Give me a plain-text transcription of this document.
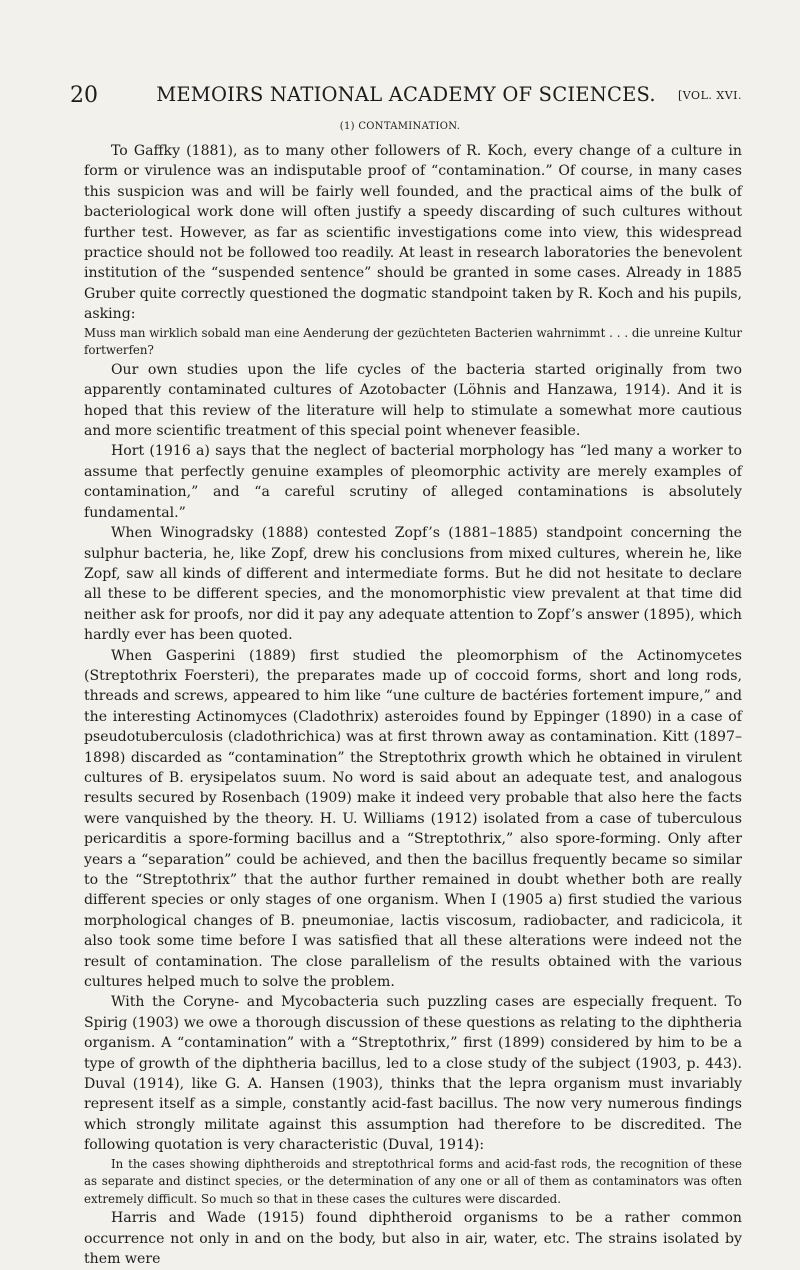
20	MEMOIRS NATIONAL ACADEMY OF SCIENCES.	[VOL. XVI.
(1) CONTAMINATION.

To Gaffky (1881), as to many other followers of R. Koch, every change of a culture in form or virulence was an indisputable proof of “contamination.” Of course, in many cases this suspicion was and will be fairly well founded, and the practical aims of the bulk of bacteriological work done will often justify a speedy discarding of such cultures without further test. However, as far as scientific investigations come into view, this widespread practice should not be followed too readily. At least in research laboratories the benevolent institution of the “suspended sentence” should be granted in some cases. Already in 1885 Gruber quite correctly questioned the dogmatic standpoint taken by R. Koch and his pupils, asking:

Muss man wirklich sobald man eine Aenderung der gezüchteten Bacterien wahrnimmt . . . die unreine Kultur fortwerfen?

Our own studies upon the life cycles of the bacteria started originally from two apparently contaminated cultures of Azotobacter (Löhnis and Hanzawa, 1914). And it is hoped that this review of the literature will help to stimulate a somewhat more cautious and more scientific treatment of this special point whenever feasible.

Hort (1916 a) says that the neglect of bacterial morphology has “led many a worker to assume that perfectly genuine examples of pleomorphic activity are merely examples of contamination,” and “a careful scrutiny of alleged contaminations is absolutely fundamental.”

When Winogradsky (1888) contested Zopf’s (1881–1885) standpoint concerning the sulphur bacteria, he, like Zopf, drew his conclusions from mixed cultures, wherein he, like Zopf, saw all kinds of different and intermediate forms. But he did not hesitate to declare all these to be different species, and the monomorphistic view prevalent at that time did neither ask for proofs, nor did it pay any adequate attention to Zopf’s answer (1895), which hardly ever has been quoted.

When Gasperini (1889) first studied the pleomorphism of the Actinomycetes (Streptothrix Foersteri), the preparates made up of coccoid forms, short and long rods, threads and screws, appeared to him like “une culture de bactéries fortement impure,” and the interesting Actinomyces (Cladothrix) asteroides found by Eppinger (1890) in a case of pseudotuberculosis (cladothrichica) was at first thrown away as contamination. Kitt (1897–1898) discarded as “contamination” the Streptothrix growth which he obtained in virulent cultures of B. erysipelatos suum. No word is said about an adequate test, and analogous results secured by Rosenbach (1909) make it indeed very probable that also here the facts were vanquished by the theory. H. U. Williams (1912) isolated from a case of tuberculous pericarditis a spore-forming bacillus and a “Streptothrix,” also spore-forming. Only after years a “separation” could be achieved, and then the bacillus frequently became so similar to the “Streptothrix” that the author further remained in doubt whether both are really different species or only stages of one organism. When I (1905 a) first studied the various morphological changes of B. pneumoniae, lactis viscosum, radiobacter, and radicicola, it also took some time before I was satisfied that all these alterations were indeed not the result of contamination. The close parallelism of the results obtained with the various cultures helped much to solve the problem.

With the Coryne- and Mycobacteria such puzzling cases are especially frequent. To Spirig (1903) we owe a thorough discussion of these questions as relating to the diphtheria organism. A “contamination” with a “Streptothrix,” first (1899) considered by him to be a type of growth of the diphtheria bacillus, led to a close study of the subject (1903, p. 443). Duval (1914), like G. A. Hansen (1903), thinks that the lepra organism must invariably represent itself as a simple, constantly acid-fast bacillus. The now very numerous findings which strongly militate against this assumption had therefore to be discredited. The following quotation is very characteristic (Duval, 1914):

In the cases showing diphtheroids and streptothrical forms and acid-fast rods, the recognition of these as separate and distinct species, or the determination of any one or all of them as contaminators was often extremely difficult. So much so that in these cases the cultures were discarded.

Harris and Wade (1915) found diphtheroid organisms to be a rather common occurrence not only in and on the body, but also in air, water, etc. The strains isolated by them were
